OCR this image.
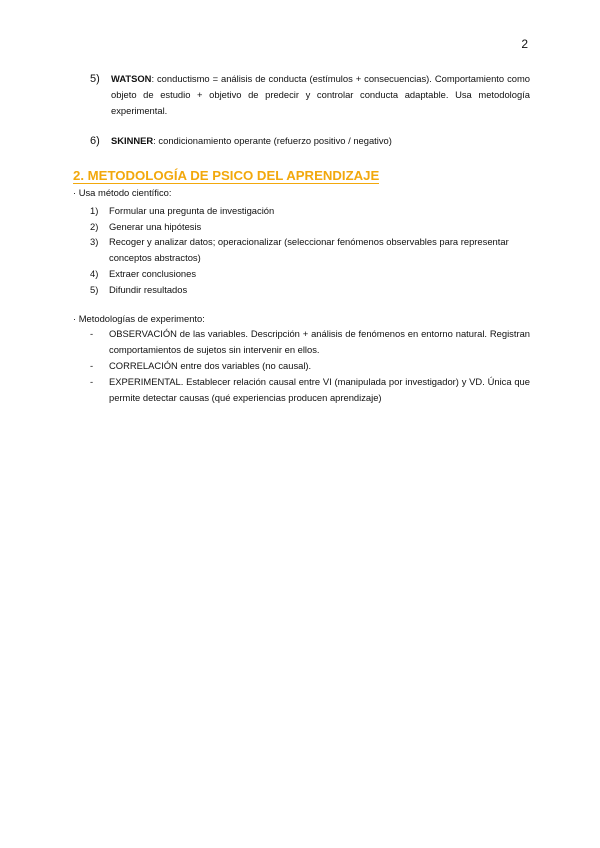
2
5) WATSON: conductismo = análisis de conducta (estímulos + consecuencias). Comportamiento como objeto de estudio + objetivo de predecir y controlar conducta adaptable. Usa metodología experimental.
6) SKINNER: condicionamiento operante (refuerzo positivo / negativo)
2. METODOLOGÍA DE PSICO DEL APRENDIZAJE
· Usa método científico:
1) Formular una pregunta de investigación
2) Generar una hipótesis
3) Recoger y analizar datos; operacionalizar (seleccionar fenómenos observables para representar conceptos abstractos)
4) Extraer conclusiones
5) Difundir resultados
· Metodologías de experimento:
- OBSERVACIÓN de las variables. Descripción + análisis de fenómenos en entorno natural. Registran comportamientos de sujetos sin intervenir en ellos.
- CORRELACIÓN entre dos variables (no causal).
- EXPERIMENTAL. Establecer relación causal entre VI (manipulada por investigador) y VD. Única que permite detectar causas (qué experiencias producen aprendizaje)
